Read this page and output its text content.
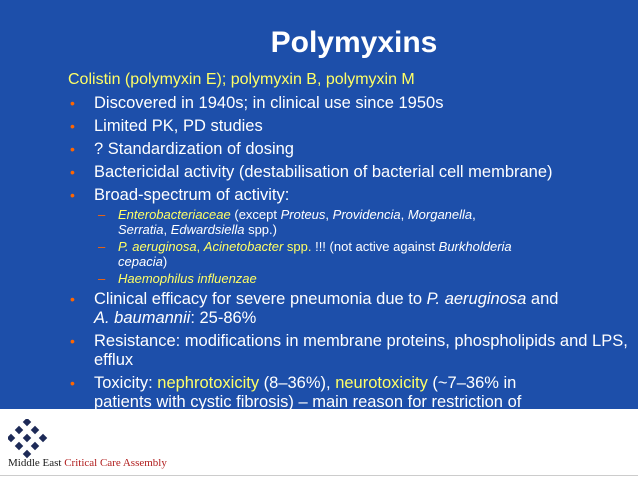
Polymyxins
Colistin (polymyxin E); polymyxin B, polymyxin M
• Discovered in 1940s; in clinical use since 1950s
• Limited PK, PD studies
• ? Standardization of dosing
• Bactericidal activity (destabilisation of bacterial cell membrane)
• Broad-spectrum of activity:
– Enterobacteriaceae (except Proteus, Providencia, Morganella,
Serratia, Edwardsiella spp.)
– P. aeruginosa, Acinetobacter spp. !!! (not active against Burkholderia
cepacia)
– Haemophilus influenzae
• Clinical efficacy for severe pneumonia due to P. aeruginosa and
A. baumannii: 25-86%
• Resistance: modifications in membrane proteins, phospholipids and LPS, efflux
• Toxicity: nephrotoxicity (8–36%), neurotoxicity (~7–36% in
patients with cystic fibrosis) – main reason for restriction of
Middle East Critical Care Assembly
